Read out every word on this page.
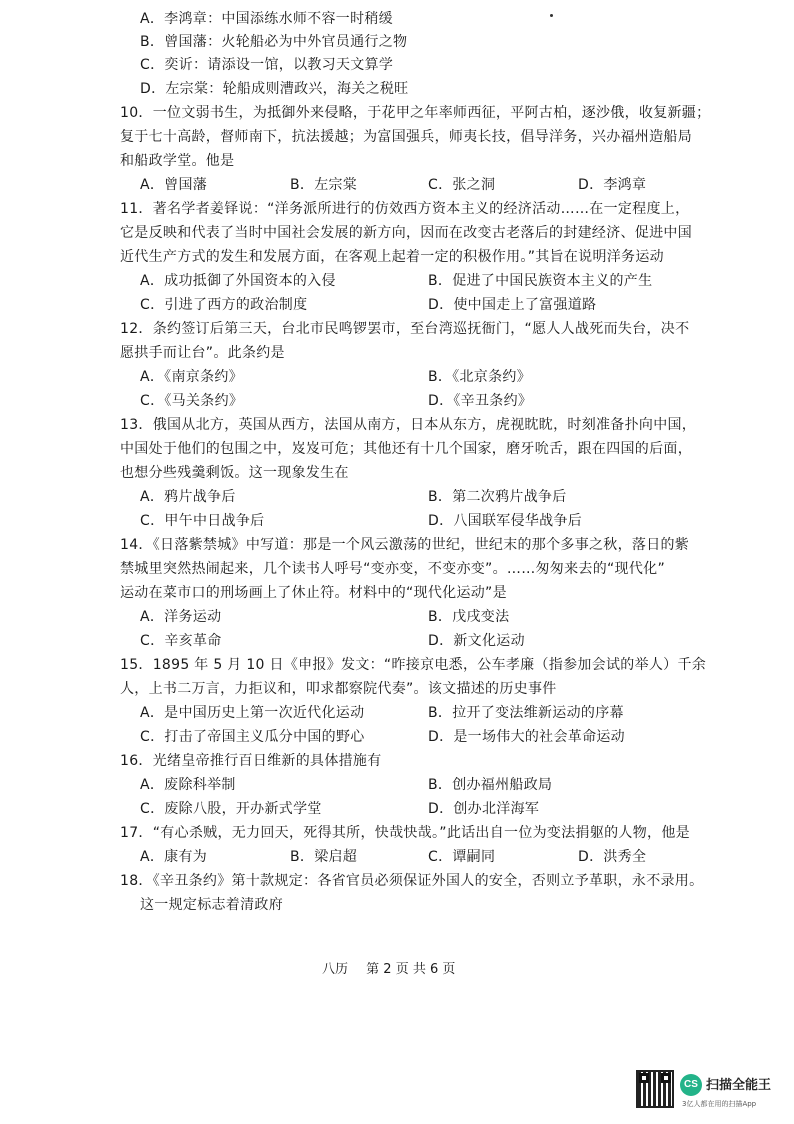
A．李鸿章：中国添练水师不容一时稍缓
B．曾国藩：火轮船必为中外官员通行之物
C．奕䜣：请添设一馆，以教习天文算学
D．左宗棠：轮船成则漕政兴，海关之税旺
10．一位文弱书生，为抵御外来侵略，于花甲之年率师西征，平阿古柏，逐沙俄，收复新疆；
复于七十高龄，督师南下，抗法援越；为富国强兵，师夷长技，倡导洋务，兴办福州造船局
和船政学堂。他是
A．曾国藩	B．左宗棠	C．张之洞	D．李鸿章
11．著名学者姜铎说：“洋务派所进行的仿效西方资本主义的经济活动……在一定程度上，
它是反映和代表了当时中国社会发展的新方向，因而在改变古老落后的封建经济、促进中国
近代生产方式的发生和发展方面，在客观上起着一定的积极作用。”其旨在说明洋务运动
A．成功抵御了外国资本的入侵	B．促进了中国民族资本主义的产生
C．引进了西方的政治制度	D．使中国走上了富强道路
12．条约签订后第三天，台北市民鸣锣罢市，至台湾巡抚衙门，“愿人人战死而失台，决不
愿拱手而让台”。此条约是
A．《南京条约》	B．《北京条约》
C．《马关条约》	D．《辛丑条约》
13．俄国从北方，英国从西方，法国从南方，日本从东方，虎视眈眈，时刻准备扑向中国，
中国处于他们的包围之中，岌岌可危；其他还有十几个国家，磨牙吮舌，跟在四国的后面，
也想分些残羹剩饭。这一现象发生在
A．鸦片战争后	B．第二次鸦片战争后
C．甲午中日战争后	D．八国联军侵华战争后
14．《日落紫禁城》中写道：那是一个风云激荡的世纪，世纪末的那个多事之秋，落日的紫
禁城里突然热闹起来，几个读书人呼号“变亦变，不变亦变”。……匆匆来去的“现代化”
运动在菜市口的刑场画上了休止符。材料中的“现代化运动”是
A．洋务运动	B．戊戌变法
C．辛亥革命	D．新文化运动
15．1895 年 5 月 10 日《申报》发文：“昨接京电悉，公车孝廉（指参加会试的举人）千余
人，上书二万言，力拒议和，叩求都察院代奏”。该文描述的历史事件
A．是中国历史上第一次近代化运动	B．拉开了变法维新运动的序幕
C．打击了帝国主义瓜分中国的野心	D．是一场伟大的社会革命运动
16．光绪皇帝推行百日维新的具体措施有
A．废除科举制	B．创办福州船政局
C．废除八股，开办新式学堂	D．创办北洋海军
17．“有心杀贼，无力回天，死得其所，快哉快哉。”此话出自一位为变法捐躯的人物，他是
A．康有为	B．梁启超	C．谭嗣同	D．洪秀全
18．《辛丑条约》第十款规定：各省官员必须保证外国人的安全，否则立予革职，永不录用。
这一规定标志着清政府
八历 第 2 页 共 6 页
CS 扫描全能王
3亿人都在用的扫描App
